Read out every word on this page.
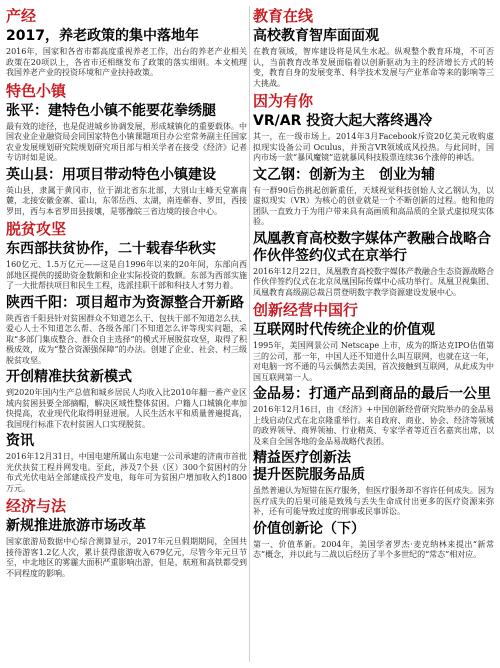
产经
2017，养老政策的集中落地年
2016年，国家和各省市都高度重视养老工作，出台的养老产业相关政策在20项以上，各省市还相继发布了政策的落实细则。本文梳理我国养老产业的投资环境和产业扶持政策。
特色小镇
张平：建特色小镇不能要花拳绣腿
最有效的途径，也是促进城乡协调发展，形成城镇化的重要载体。中国农业企业融资局会同国家特色小镇课题项目办公室常务副主任国家农业发展规划研究院规划研究项目部与相关学者在接受《经济》记者专访时如是说。
英山县：用项目带动特色小镇建设
英山县，隶属于黄冈市，位于湖北省东北部，大别山主峰天堂寨南麓，北接安徽金寨、霍山，东邻岳西、太湖，南连蕲春、罗田，西接罗田，西与本省罗田县接壤，是鄂豫皖三省边境的接合中心。
脱贫攻坚
东西部扶贫协作，二十载春华秋实
160亿元、1.5万亿元——这是自1996年以来的20年间，东部向西部地区提供的援助资金数额和企业实际投资的数额。东部为西部实施了一大批帮扶项目和民生工程，选派挂职干部和科技人才努力着。
陕西千阳：项目超市为资源整合开新路
陕西省千阳县针对贫困群众不知道怎么干、包扶干部不知道怎么扶、爱心人士不知道怎么帮、各级各部门不知道怎么评等现实问题，采取“多部门集成整合、群众自主选择”的模式开展脱贫攻坚，取得了积极成效，成为“整合资源强保障”的办法。创建了企业、社会、村三级脱贫攻坚。
开创精准扶贫新模式
到2020年国内生产总值和城乡居民人均收入比2010年翻一番产业区域内贫困县要全部摘帽，解决区域性整体贫困。户籍人口城镇化率加快提高，农业现代化取得明显进展。人民生活水平和质量普遍提高，我国现行标准下农村贫困人口实现脱贫。
资讯
2016年12月31日，中国电建所属山东电建一公司承建的济南市首批光伏扶贫工程并网发电。至此，涉及7个县（区）300个贫困村的分布式光伏电站全部建成投产发电，每年可为贫困户增加收入约1800万元。
经济与法
新规推进旅游市场改革
国家旅游局数据中心综合测算显示，2017年元旦假期期间，全国共接待游客1.2亿人次，累计获得旅游收入679亿元，尽管今年元旦节至，中北地区的雾霾大面积严重影响出游，但是，航班和高铁都受到不同程度的影响。
教育在线
高校教育智库面面观
在教育领域，智库建设将是风生水起。纵观整个教育环境，不可否认，当前教育改革发展面临着以创新驱动为主的经济增长方式的转变，教育自身的发展变革、科学技术发展与产业革命等来的影响等三大挑战。
因为有你
VR/AR 投资大起大落终遇冷
其一，在一级市场上。2014年3月Facebook斥资20亿美元收购虚拟现实设备公司 Oculus，并预言VR领域成风投热。与此同时，国内市场一款“暴风魔镜”造就暴风科技股票连续36个涨停的神话。
文乙钢：创新为主　创业为辅
有一群90后伤挑起创新重任，天域视觉科技创始人文乙钢认为，以虚拟现实（VR）为核心的创业就是一个不断创新的过程。他和他的团队一直致力于为用户带来具有高画质和高品质的全景式虚拟现实体验。
凤凰教育高校数字媒体产教融合战略合作伙伴签约仪式在京举行
2016年12月22日，凤凰教育高校数字媒体产教融合生态资源战略合作伙伴签约仪式在北京凤凰国际传媒中心成功举行。凤凰卫视集团、凤凰教育高级副总裁吕贯登明数字教学资源建设发展中心。
创新经营中国行
互联网时代传统企业的价值观
1995年，美国网景公司 Netscape 上市，成为的斯达克IPO估值第三的公司，那一年，中国人还不知道什么叫互联网，也就在这一年，对电脑一窍不通的马云偶然去美国，首次接触到互联网，从此成为中国互联网第一人。
金品易：打通产品到商品的最后一公里
2016年12月16日，由《经济》+中国创新经营研究院举办的金品易上线启动仪式在北京隆重举行。来自政府、商业、协会、经济等领域的政界领导、商界领袖、行业精英、专家学者等近百名嘉宾出席，以及来自全国各地的金品易战略代表团。
精益医疗创新法
提升医院服务品质
虽然普遍认为短错在医疗服务，但医疗服务却不容许任何成失。因为医疗成失的后果可能是致残与丢失生命成付出更多的医疗资源来弥补，还有可能导致过度的刑事或民事诉讼。
价值创新论（下）
第一、价值革新。2004年，美国学者罗杰·麦克纳林来提出“新常态”概念，并以此与二战以后经历了半个多世纪的“常态”相对应。
